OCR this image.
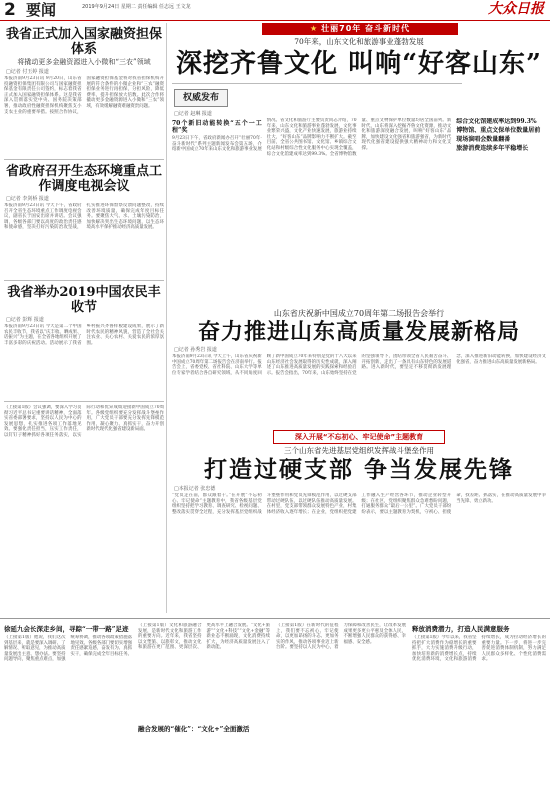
2 要闻	2019年9月24日 星期二 责任编辑 任志远 王文龙	大众日报
我省正式加入国家融资担保体系
将撬动更多金融资源进入小微和“三农”领域
□记者 付玉婷 报道
本报济南9月23日讯 9月20日，山东省投融资担保集团有限公司与国家融资担保基金有限责任公司签约，标志着我省正式加入国家融资担保体系。这是我省深入贯彻落实党中央、国务院决策部署，推动政府性融资担保机构聚焦支小支农主业的重要举措。按照合作协议，国家融资担保基金将对我省担保机构开展的符合条件的小微企业和“三农”融资担保业务进行再担保，分担风险，降低费率，提升担保放大倍数。此次合作将撬动更多金融资源进入小微和“三农”领域，有效缓解融资难融资贵问题。
省政府召开生态环境重点工作调度电视会议
□记者 李剑桥 报道
本报济南9月23日讯 今天下午，省政府召开全省生态环境重点工作调度电视会议，副省长于国安出席并讲话。会议强调，各级各部门要以高度的政治责任感和使命感，坚决打好污染防治攻坚战，扎实推进环保督察反馈问题整改，持续改善环境质量，确保完成年度目标任务。要聚焦大气、水、土壤污染防治，加快解决突出生态环境问题，以生态环境高水平保护推动经济高质量发展。
我省举办2019中国农民丰收节
□记者 彭辉 报道
本报济南9月23日讯 今天是第二个中国农民丰收节，我省以“庆丰收、晒成果、话振兴”为主题，在全省各地组织开展了丰富多彩的庆祝活动。活动展示了我省乡村振兴齐鲁样板建设成果，展示了新时代农民的精神风貌，营造了全社会关注农业、关心农村、关爱农民的浓厚氛围。
（上接第1版）会议强调，要深入学习贯彻习近平总书记重要讲话精神，全面落实省委部署要求，坚持以人民为中心的发展思想，扎实推进各项工作落地见效。要强化责任担当，压实工作责任，以钉钉子精神抓好各项任务落实，以实际行动和优异成绩迎接新中国成立70周年。各级党组织要充分发挥战斗堡垒作用，广大党员干部要充分发挥先锋模范作用，凝心聚力、真抓实干，奋力开创新时代现代化强省建设新局面。
★ 壮丽70年 奋斗新时代
70年来，山东文化和旅游事业蓬勃发展
深挖齐鲁文化 叫响“好客山东”
权威发布
□记者 赵琳 报道
70个新旧动能转换“五个一工程”奖
9月23日下午，省政府新闻办召开“壮丽70年·奋斗新时代”系列主题新闻发布会第五场，介绍新中国成立70年来山东文化和旅游事业发展情况。省文化和旅游厅主要负责同志介绍，70年来，山东文化和旅游事业蓬勃发展，文化事业繁荣兴盛，文化产业快速发展，旅游业持续壮大，“好客山东”品牌影响力不断扩大。截至目前，全省公共图书馆、文化馆、乡镇综合文化站和村级综合性文化服务中心实现全覆盖，综合文化馆建成率达到99.3%。全省博物馆数量、重点文物保护单位数量均居全国前列。新时代，山东将深入挖掘齐鲁文化资源，推动文化和旅游深度融合发展，叫响“好客山东”品牌，加快建设文化强省和旅游强省，为新时代现代化强省建设提供强大精神动力和文化支撑。
综合文化馆建成率达到99.3%
博物馆、重点文保单位数量居前
现场演唱会数量翻番
旅游消费连续多年平稳增长
山东省庆祝新中国成立70周年第二场报告会举行
奋力推进山东高质量发展新格局
□记者 孙秀岩 报道
本报济南9月23日讯 今天上午，山东省庆祝新中国成立70周年第二场报告会在济南举行。报告会上，省委党校、省社科院、山东大学等单位专家学者结合各自研究领域，从不同角度回顾了新中国成立70年来特别是党的十八大以来山东经济社会发展取得的历史性成就，深入阐述了山东推进高质量发展的实践探索和经验启示。报告会指出，70年来，山东始终坚持在党的坚强领导下，团结带领全省人民艰苦奋斗、开拓创新，走出了一条具有山东特色的发展道路。进入新时代，要坚定不移贯彻新发展理念，深入推进新旧动能转换，加快建设经济文化强省，奋力推进山东高质量发展新格局。
深入开展“不忘初心、牢记使命”主题教育
三个山东省先进基层党组织发挥战斗堡垒作用
打造过硬支部 争当发展先锋
□本报记者 张忠德
“党员走在前，群众跟着干。”在开展“不忘初心、牢记使命”主题教育中，我省各级基层党组织坚持把学习教育、调查研究、检视问题、整改落实贯穿全过程，充分发挥基层党组织战斗堡垒作用和党员先锋模范作用，以过硬支部带动过硬队伍，以过硬队伍推动高质量发展。在村里，党支部带领群众发展特色产业，村集体经济收入逐年增长；在企业，党组织把党建工作融入生产经营各环节，推动企业转型升级；在社区，党组织聚焦群众急难愁盼问题，打通服务群众“最后一公里”。广大党员干部纷纷表示，要以主题教育为契机，守初心、担使命，找差距、抓落实，在推动高质量发展中争当先锋、勇立新功。
徐延九会长深走乡间，寻踪“一带一路”足迹
（上接第1版）他说，我们这次到基层来，就是要深入调研、了解情况、听取意见，为推动高质量发展出主意、想办法。要坚持问题导向，聚焦重点难点，加强统筹协调，推动各项政策措施落地见效。各级各部门要切实增强责任感紧迫感，奋发有为、真抓实干，确保完成全年目标任务。
（上接第1版）文化和旅游融合发展，是新时代文化和旅游工作的重要方向。近年来，我省坚持以文塑旅、以旅彰文，推动文化和旅游在更广范围、更深层次、更高水平上融合发展。“文化+旅游”“文化+科技”“文化+金融”等新业态不断涌现，文化消费持续扩大，为经济高质量发展注入了新动能。
融合发展的“催化”：“文化+”全面激活
（上接第1版）在新时代的征程上，我们要不忘初心、牢记使命，以更加昂扬的斗志、更加务实的作风，推动各项事业迈上新台阶。要坚持以人民为中心，着力保障和改善民生，让改革发展成果更多更公平惠及全体人民，不断增强人民群众的获得感、幸福感、安全感。
释放消费潜力，打造人民满意服务
（上接第1版）今年以来，我省坚持把扩大消费作为稳增长的重要抓手，大力实施消费升级行动，加快培育新的消费增长点，持续优化消费环境，文化和旅游消费持续增长，成为拉动经济增长的重要力量。下一步，将进一步完善促进消费体制机制，努力满足人民群众多样化、个性化消费需求。
